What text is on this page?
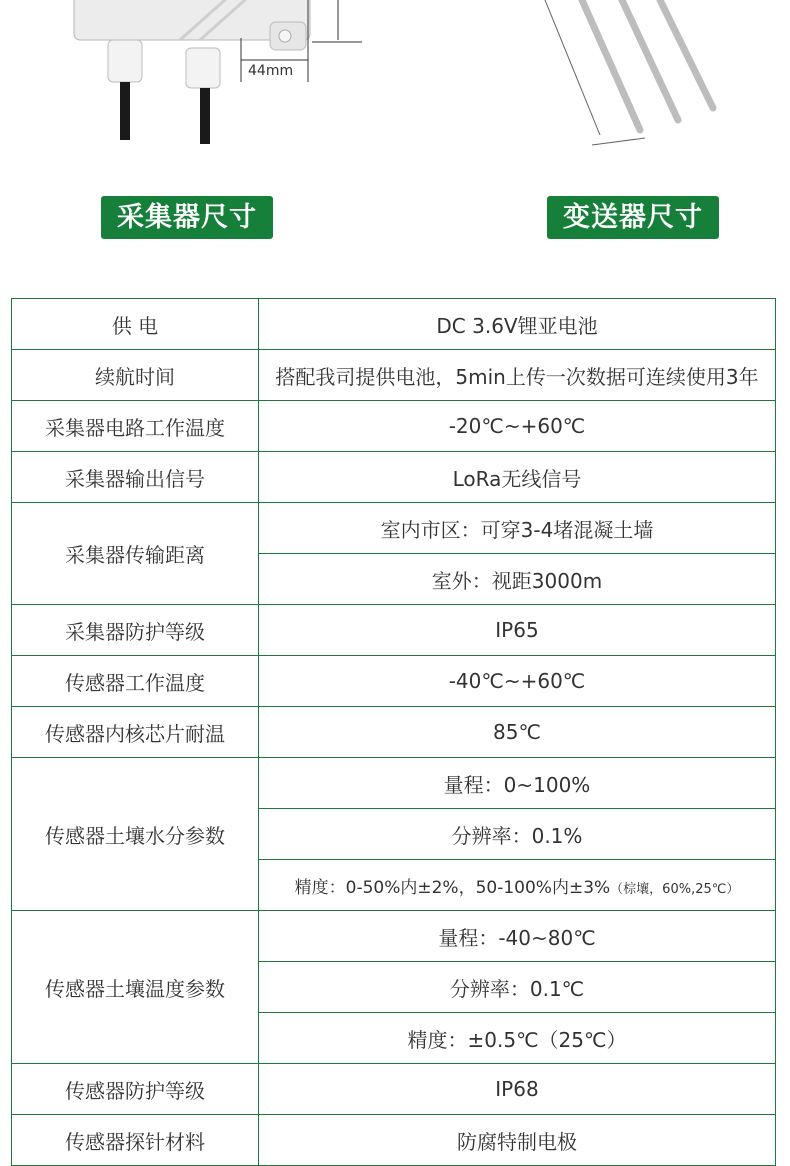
44mm
采集器尺寸	变送器尺寸
供 电	DC 3.6V锂亚电池
续航时间	搭配我司提供电池，5min上传一次数据可连续使用3年
采集器电路工作温度	-20℃~+60℃
采集器输出信号	LoRa无线信号
采集器传输距离	室内市区：可穿3-4堵混凝土墙
	室外：视距3000m
采集器防护等级	IP65
传感器工作温度	-40℃~+60℃
传感器内核芯片耐温	85℃
传感器土壤水分参数	量程：0~100%
	分辨率：0.1%
	精度：0-50%内±2%，50-100%内±3%（棕壤，60%,25℃）
传感器土壤温度参数	量程：-40~80℃
	分辨率：0.1℃
	精度：±0.5℃（25℃）
传感器防护等级	IP68
传感器探针材料	防腐特制电极
